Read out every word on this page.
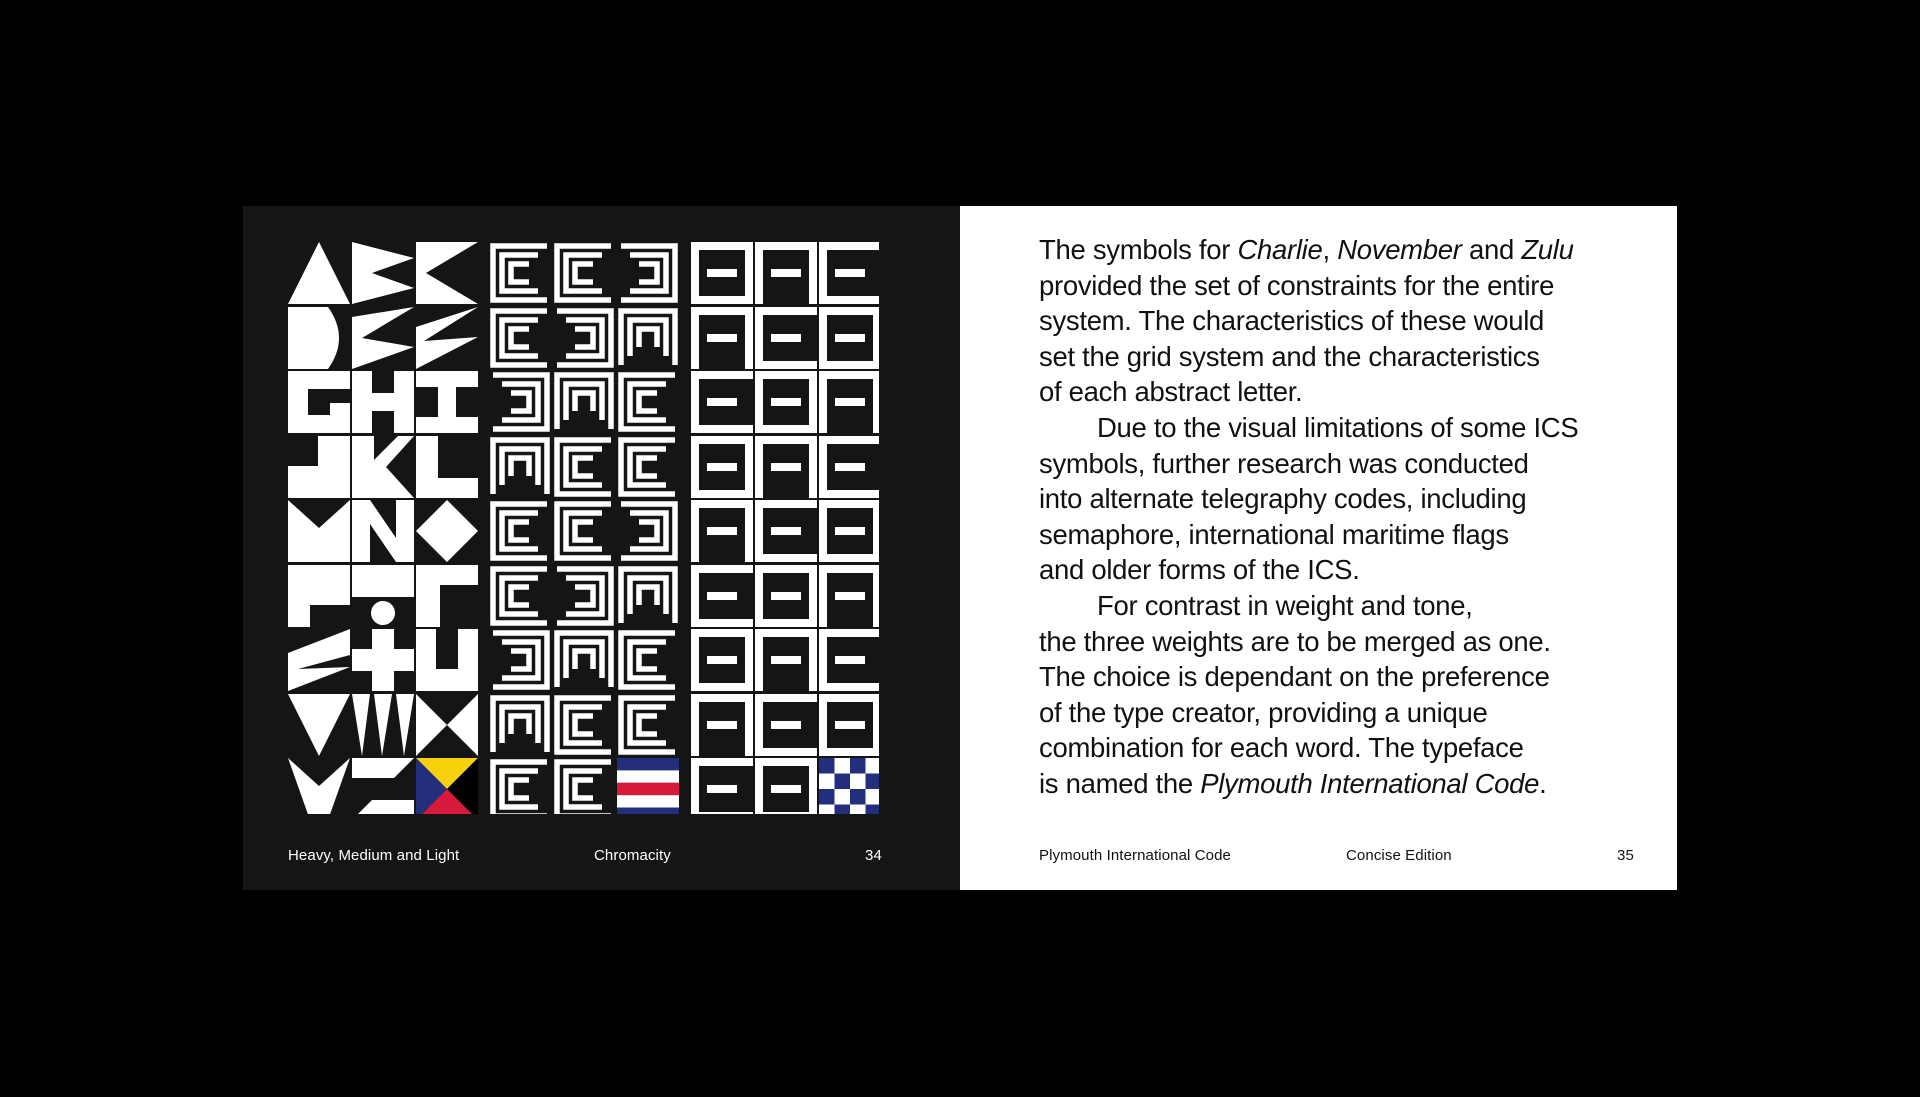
Heavy, Medium and Light	Chromacity	34

The symbols for Charlie, November and Zulu
provided the set of constraints for the entire
system. The characteristics of these would
set the grid system and the characteristics
of each abstract letter.

Due to the visual limitations of some ICS
symbols, further research was conducted
into alternate telegraphy codes, including
semaphore, international maritime flags
and older forms of the ICS.

For contrast in weight and tone,
the three weights are to be merged as one.
The choice is dependant on the preference
of the type creator, providing a unique
combination for each word. The typeface
is named the Plymouth International Code.

Plymouth International Code	Concise Edition	35
